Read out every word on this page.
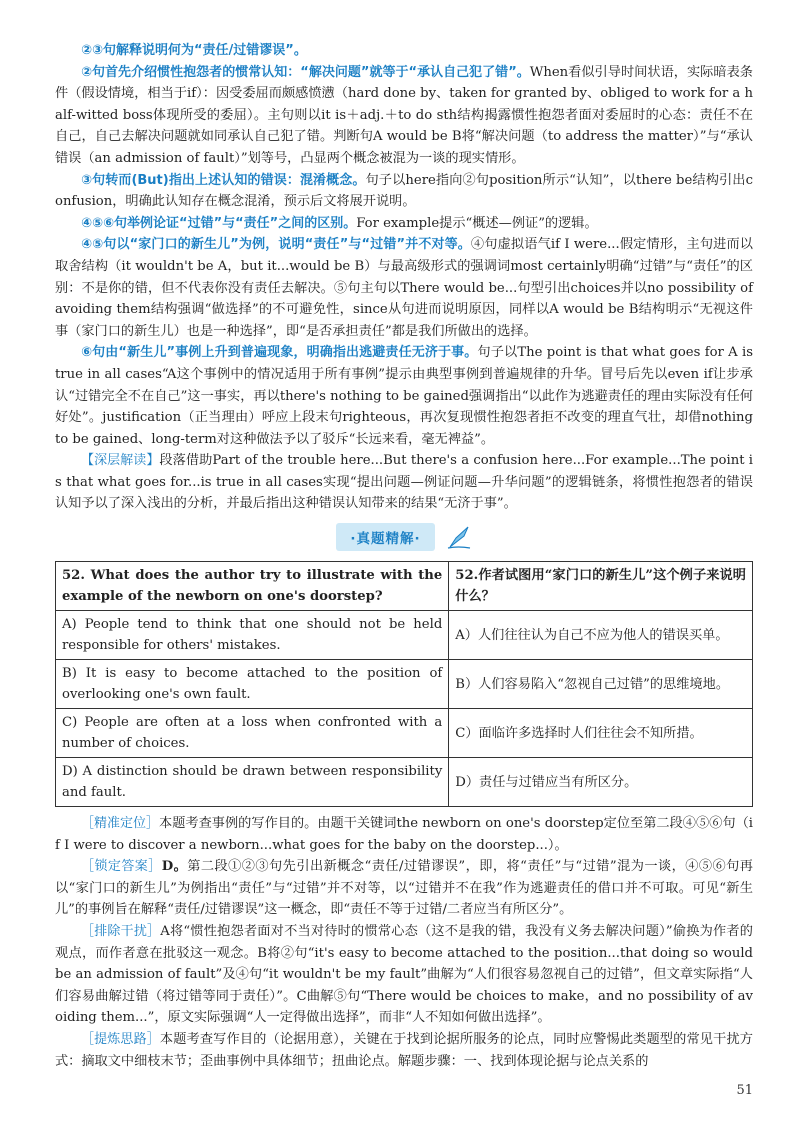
②③句解释说明何为“责任/过错谬误”。

②句首先介绍惯性抱怨者的惯常认知：“解决问题”就等于“承认自己犯了错”。When看似引导时间状语，实际暗表条件（假设情境，相当于if）：因受委屈而颇感愤懑（hard done by、taken for granted by、obliged to work for a half-witted boss体现所受的委屈）。主句则以it is＋adj.＋to do sth结构揭露惯性抱怨者面对委屈时的心态：责任不在自己，自己去解决问题就如同承认自己犯了错。判断句A would be B将“解决问题（to address the matter）”与“承认错误（an admission of fault）”划等号，凸显两个概念被混为一谈的现实情形。

③句转而(But)指出上述认知的错误：混淆概念。句子以here指向②句position所示“认知”，以there be结构引出confusion，明确此认知存在概念混淆，预示后文将展开说明。

④⑤⑥句举例论证“过错”与“责任”之间的区别。For example提示“概述—例证”的逻辑。

④⑤句以“家门口的新生儿”为例，说明“责任”与“过错”并不对等。④句虚拟语气if I were...假定情形，主句进而以取舍结构（it wouldn't be A，but it...would be B）与最高级形式的强调词most certainly明确“过错”与“责任”的区别：不是你的错，但不代表你没有责任去解决。⑤句主句以There would be...句型引出choices并以no possibility of avoiding them结构强调“做选择”的不可避免性，since从句进而说明原因，同样以A would be B结构明示“无视这件事（家门口的新生儿）也是一种选择”，即“是否承担责任”都是我们所做出的选择。

⑥句由“新生儿”事例上升到普遍现象，明确指出逃避责任无济于事。句子以The point is that what goes for A is true in all cases“A这个事例中的情况适用于所有事例”提示由典型事例到普遍规律的升华。冒号后先以even if让步承认“过错完全不在自己”这一事实，再以there's nothing to be gained强调指出“以此作为逃避责任的理由实际没有任何好处”。justification（正当理由）呼应上段末句righteous，再次复现惯性抱怨者拒不改变的理直气壮，却借nothing to be gained、long-term对这种做法予以了驳斥“长远来看，毫无裨益”。

【深层解读】段落借助Part of the trouble here...But there's a confusion here...For example...The point is that what goes for...is true in all cases实现“提出问题—例证问题—升华问题”的逻辑链条，将惯性抱怨者的错误认知予以了深入浅出的分析，并最后指出这种错误认知带来的结果“无济于事”。

·真题精解·
52. What does the author try to illustrate with the example of the newborn on one's doorstep?	52.作者试图用“家门口的新生儿”这个例子来说明什么？
A) People tend to think that one should not be held responsible for others' mistakes.	A）人们往往认为自己不应为他人的错误买单。
B) It is easy to become attached to the position of overlooking one's own fault.	B）人们容易陷入“忽视自己过错”的思维境地。
C) People are often at a loss when confronted with a number of choices.	C）面临许多选择时人们往往会不知所措。
D) A distinction should be drawn between responsibility and fault.	D）责任与过错应当有所区分。

［精准定位］本题考查事例的写作目的。由题干关键词the newborn on one's doorstep定位至第二段④⑤⑥句（if I were to discover a newborn...what goes for the baby on the doorstep...）。

［锁定答案］D。第二段①②③句先引出新概念“责任/过错谬误”，即，将“责任”与“过错”混为一谈，④⑤⑥句再以“家门口的新生儿”为例指出“责任”与“过错”并不对等，以“过错并不在我”作为逃避责任的借口并不可取。可见“新生儿”的事例旨在解释“责任/过错谬误”这一概念，即“责任不等于过错/二者应当有所区分”。

［排除干扰］A将“惯性抱怨者面对不当对待时的惯常心态（这不是我的错，我没有义务去解决问题）”偷换为作者的观点，而作者意在批驳这一观念。B将②句“it's easy to become attached to the position...that doing so would be an admission of fault”及④句“it wouldn't be my fault”曲解为“人们很容易忽视自己的过错”，但文章实际指“人们容易曲解过错（将过错等同于责任）”。C曲解⑤句“There would be choices to make，and no possibility of avoiding them...”，原文实际强调“人一定得做出选择”，而非“人不知如何做出选择”。

［提炼思路］本题考查写作目的（论据用意），关键在于找到论据所服务的论点，同时应警惕此类题型的常见干扰方式：摘取文中细枝末节；歪曲事例中具体细节；扭曲论点。解题步骤：一、找到体现论据与论点关系的

51
